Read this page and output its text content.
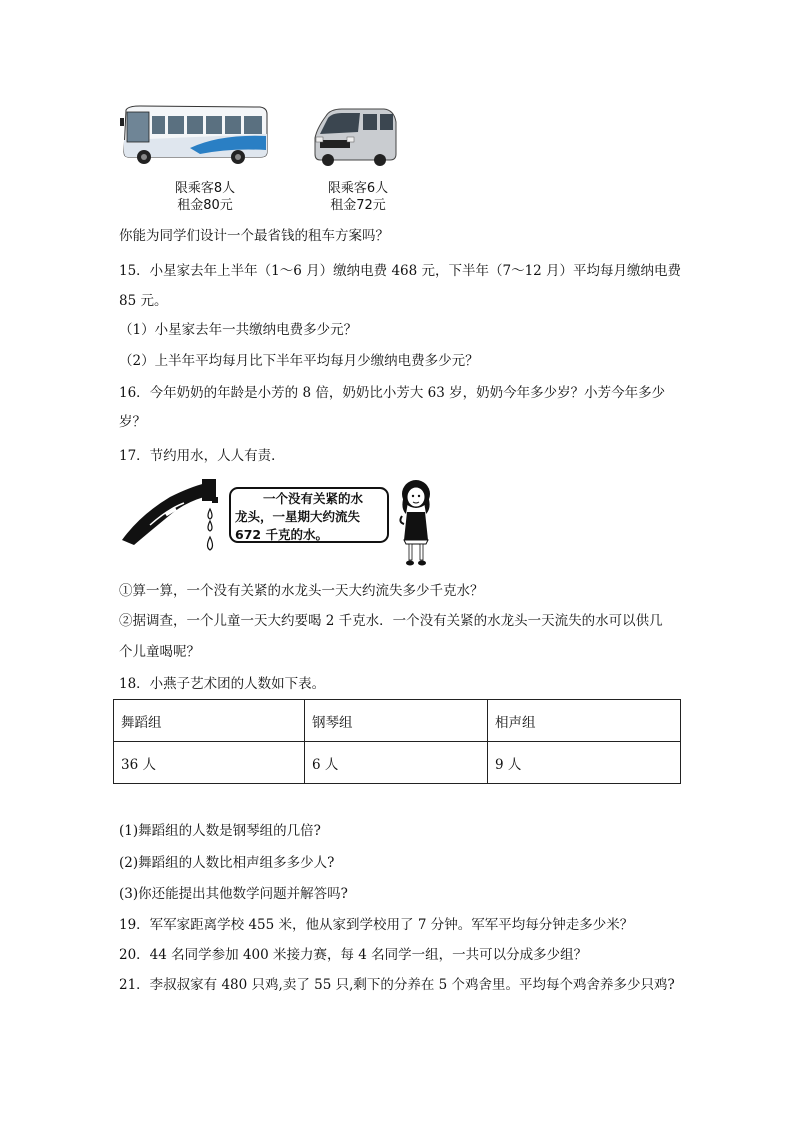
限乘客8人
租金80元
限乘客6人
租金72元
你能为同学们设计一个最省钱的租车方案吗？
15．小星家去年上半年（1～6 月）缴纳电费 468 元，下半年（7～12 月）平均每月缴纳电费
85 元。
（1）小星家去年一共缴纳电费多少元？
（2）上半年平均每月比下半年平均每月少缴纳电费多少元？
16．今年奶奶的年龄是小芳的 8 倍，奶奶比小芳大 63 岁，奶奶今年多少岁？小芳今年多少
岁？
17．节约用水，人人有责．
一个没有关紧的水
龙头，一星期大约流失
672 千克的水。
①算一算，一个没有关紧的水龙头一天大约流失多少千克水？
②据调查，一个儿童一天大约要喝 2 千克水．一个没有关紧的水龙头一天流失的水可以供几
个儿童喝呢？
18．小燕子艺术团的人数如下表。
舞蹈组	钢琴组	相声组
36 人	6 人	9 人
(1)舞蹈组的人数是钢琴组的几倍?
(2)舞蹈组的人数比相声组多多少人?
(3)你还能提出其他数学问题并解答吗?
19．军军家距离学校 455 米，他从家到学校用了 7 分钟。军军平均每分钟走多少米？
20．44 名同学参加 400 米接力赛，每 4 名同学一组，一共可以分成多少组？
21．李叔叔家有 480 只鸡,卖了 55 只,剩下的分养在 5 个鸡舍里。平均每个鸡舍养多少只鸡?
